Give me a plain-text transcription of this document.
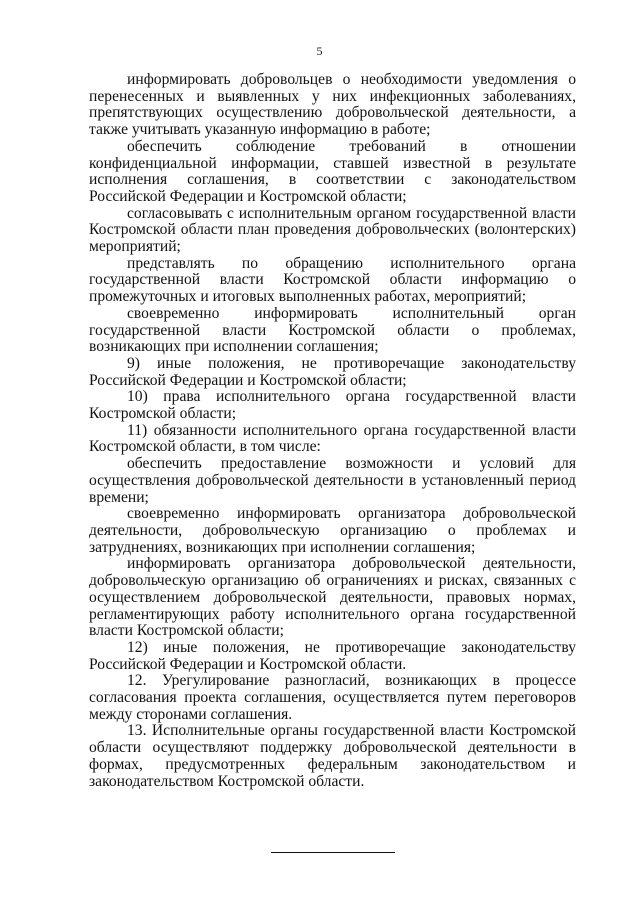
5

информировать добровольцев о необходимости уведомления о перенесенных и выявленных у них инфекционных заболеваниях, препятствующих осуществлению добровольческой деятельности, а также учитывать указанную информацию в работе;

обеспечить соблюдение требований в отношении конфиденциальной информации, ставшей известной в результате исполнения соглашения, в соответствии с законодательством Российской Федерации и Костромской области;

согласовывать с исполнительным органом государственной власти Костромской области план проведения добровольческих (волонтерских) мероприятий;

представлять по обращению исполнительного органа государственной власти Костромской области информацию о промежуточных и итоговых выполненных работах, мероприятий;

своевременно информировать исполнительный орган государственной власти Костромской области о проблемах, возникающих при исполнении соглашения;

9) иные положения, не противоречащие законодательству Российской Федерации и Костромской области;

10) права исполнительного органа государственной власти Костромской области;

11) обязанности исполнительного органа государственной власти Костромской области, в том числе:

обеспечить предоставление возможности и условий для осуществления добровольческой деятельности в установленный период времени;

своевременно информировать организатора добровольческой деятельности, добровольческую организацию о проблемах и затруднениях, возникающих при исполнении соглашения;

информировать организатора добровольческой деятельности, добровольческую организацию об ограничениях и рисках, связанных с осуществлением добровольческой деятельности, правовых нормах, регламентирующих работу исполнительного органа государственной власти Костромской области;

12) иные положения, не противоречащие законодательству Российской Федерации и Костромской области.

12. Урегулирование разногласий, возникающих в процессе согласования проекта соглашения, осуществляется путем переговоров между сторонами соглашения.

13. Исполнительные органы государственной власти Костромской области осуществляют поддержку добровольческой деятельности в формах, предусмотренных федеральным законодательством и законодательством Костромской области.
